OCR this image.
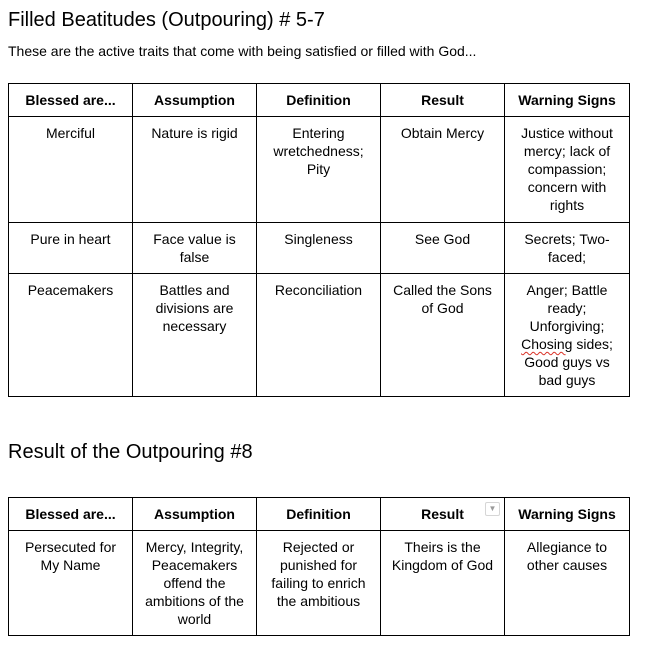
Filled Beatitudes (Outpouring) # 5-7

These are the active traits that come with being satisfied or filled with God...

Blessed are...	Assumption	Definition	Result	Warning Signs
Merciful	Nature is rigid	Entering wretchedness; Pity	Obtain Mercy	Justice without mercy; lack of compassion; concern with rights
Pure in heart	Face value is false	Singleness	See God	Secrets; Two-faced;
Peacemakers	Battles and divisions are necessary	Reconciliation	Called the Sons of God	Anger; Battle ready; Unforgiving; Chosing sides; Good guys vs bad guys
Result of the Outpouring #8
Blessed are...	Assumption	Definition	Result ▼	Warning Signs
Persecuted for My Name	Mercy, Integrity, Peacemakers offend the ambitions of the world	Rejected or punished for failing to enrich the ambitious	Theirs is the Kingdom of God	Allegiance to other causes
